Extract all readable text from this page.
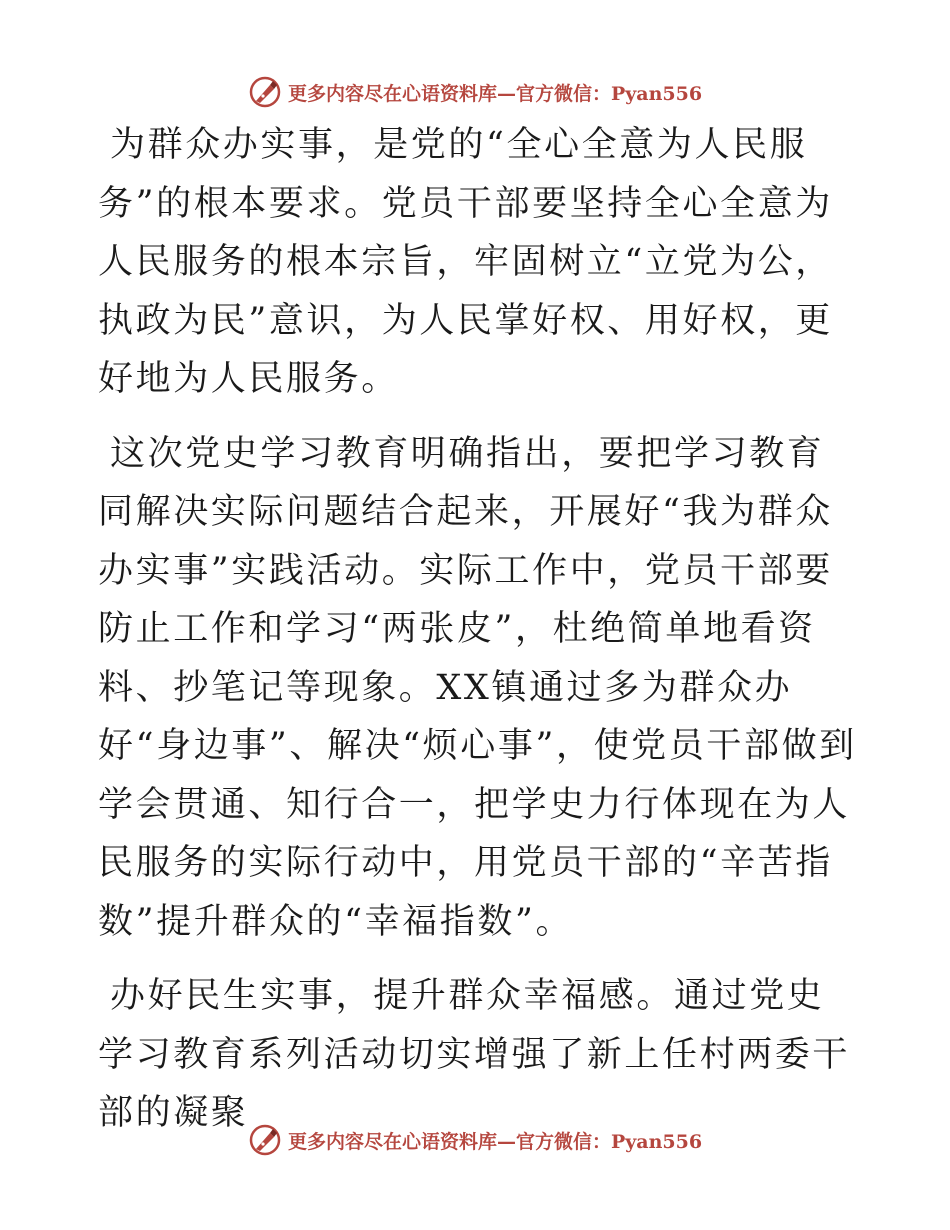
更多内容尽在心语资料库—官方微信：Pyan556

为群众办实事，是党的“全心全意为人民服务”的根本要求。党员干部要坚持全心全意为人民服务的根本宗旨，牢固树立“立党为公，执政为民”意识，为人民掌好权、用好权，更好地为人民服务。

这次党史学习教育明确指出，要把学习教育同解决实际问题结合起来，开展好“我为群众办实事”实践活动。实际工作中，党员干部要防止工作和学习“两张皮”，杜绝简单地看资料、抄笔记等现象。XX镇通过多为群众办好“身边事”、解决“烦心事”，使党员干部做到学会贯通、知行合一，把学史力行体现在为人民服务的实际行动中，用党员干部的“辛苦指数”提升群众的“幸福指数”。

办好民生实事，提升群众幸福感。通过党史学习教育系列活动切实增强了新上任村两委干部的凝聚

更多内容尽在心语资料库—官方微信：Pyan556
